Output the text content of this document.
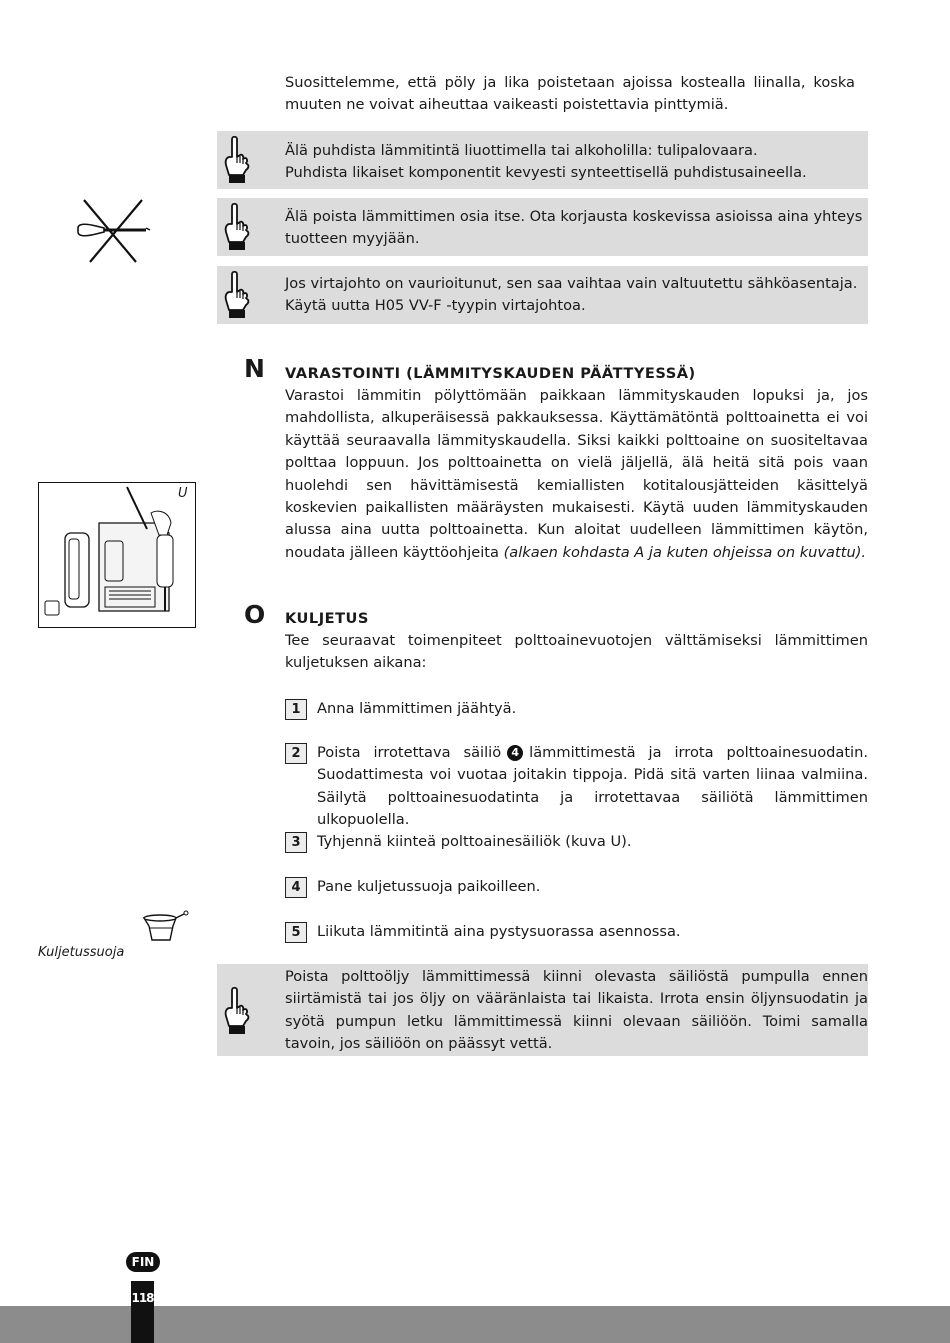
Suosittelemme, että pöly ja lika poistetaan ajoissa kostealla liinalla, koska muuten ne voivat aiheuttaa vaikeasti poistettavia pinttymiä.
Älä puhdista lämmitintä liuottimella tai alkoholilla: tulipalovaara.
Puhdista likaiset komponentit kevyesti synteettisellä puhdistusaineella.
Älä poista lämmittimen osia itse. Ota korjausta koskevissa asioissa aina yhteys
tuotteen myyjään.
Jos virtajohto on vaurioitunut, sen saa vaihtaa vain valtuutettu sähköasentaja.
Käytä uutta H05 VV-F -tyypin virtajohtoa.
N VARASTOINTI (LÄMMITYSKAUDEN PÄÄTTYESSÄ)
Varastoi lämmitin pölyttömään paikkaan lämmityskauden lopuksi ja, jos mahdollista, alkuperäisessä pakkauksessa. Käyttämätöntä polttoainetta ei voi käyttää seuraavalla lämmityskaudella. Siksi kaikki polttoaine on suositeltavaa polttaa loppuun. Jos polttoainetta on vielä jäljellä, älä heitä sitä pois vaan huolehdi sen hävittämisestä kemiallisten kotitalousjätteiden käsittelyä koskevien paikallisten määräysten mukaisesti. Käytä uuden lämmityskauden alussa aina uutta polttoainetta. Kun aloitat uudelleen lämmittimen käytön, noudata jälleen käyttöohjeita (alkaen kohdasta A ja kuten ohjeissa on kuvattu).
U
O KULJETUS
Tee seuraavat toimenpiteet polttoainevuotojen välttämiseksi lämmittimen kuljetuksen aikana:
1	Anna lämmittimen jäähtyä.
2	Poista irrotettava säiliö 4 lämmittimestä ja irrota polttoainesuodatin. Suodattimesta voi vuotaa joitakin tippoja. Pidä sitä varten liinaa valmiina. Säilytä polttoainesuodatinta ja irrotettavaa säiliötä lämmittimen ulkopuolella.
3	Tyhjennä kiinteä polttoainesäiliök (kuva U).
4	Pane kuljetussuoja paikoilleen.
5	Liikuta lämmitintä aina pystysuorassa asennossa.
Kuljetussuoja
Poista polttoöljy lämmittimessä kiinni olevasta säiliöstä pumpulla ennen siirtämistä tai jos öljy on vääränlaista tai likaista. Irrota ensin öljynsuodatin ja syötä pumpun letku lämmittimessä kiinni olevaan säiliöön. Toimi samalla tavoin, jos säiliöön on päässyt vettä.
FIN
118
